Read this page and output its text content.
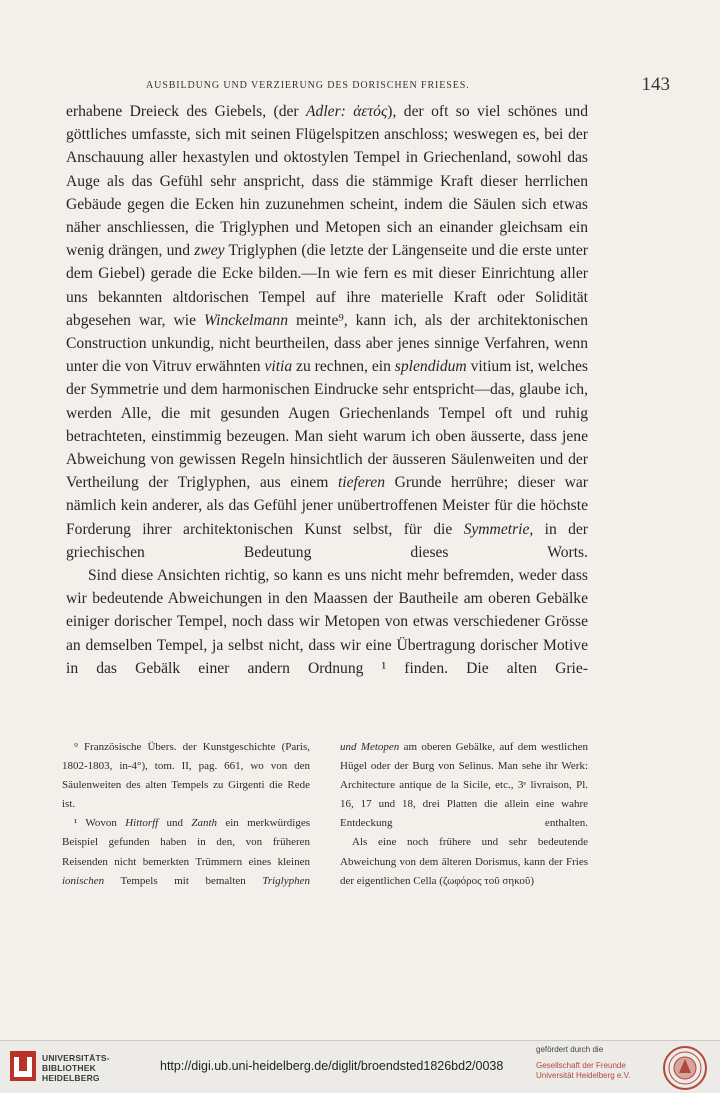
AUSBILDUNG UND VERZIERUNG DES DORISCHEN FRIESES.	143

erhabene Dreieck des Giebels, (der Adler: ἀετός), der oft so viel schönes und göttliches umfasste, sich mit seinen Flügelspitzen anschloss; weswegen es, bei der Anschauung aller hexastylen und oktostylen Tempel in Griechenland, sowohl das Auge als das Gefühl sehr anspricht, dass die stämmige Kraft dieser herrlichen Gebäude gegen die Ecken hin zuzunehmen scheint, indem die Säulen sich etwas näher anschliessen, die Triglyphen und Metopen sich an einander gleichsam ein wenig drängen, und zwey Triglyphen (die letzte der Längenseite und die erste unter dem Giebel) gerade die Ecke bilden.—In wie fern es mit dieser Einrichtung aller uns bekannten altdorischen Tempel auf ihre materielle Kraft oder Solidität abgesehen war, wie Winckelmann meinte⁹, kann ich, als der architektonischen Construction unkundig, nicht beurtheilen, dass aber jenes sinnige Verfahren, wenn unter die von Vitruv erwähnten vitia zu rechnen, ein splendidum vitium ist, welches der Symmetrie und dem harmonischen Eindrucke sehr entspricht—das, glaube ich, werden Alle, die mit gesunden Augen Griechenlands Tempel oft und ruhig betrachteten, einstimmig bezeugen. Man sieht warum ich oben äusserte, dass jene Abweichung von gewissen Regeln hinsichtlich der äusseren Säulenweiten und der Vertheilung der Triglyphen, aus einem tieferen Grunde herrühre; dieser war nämlich kein anderer, als das Gefühl jener unübertroffenen Meister für die höchste Forderung ihrer architektonischen Kunst selbst, für die Symmetrie, in der griechischen Bedeutung dieses Worts.

Sind diese Ansichten richtig, so kann es uns nicht mehr befremden, weder dass wir bedeutende Abweichungen in den Maassen der Bautheile am oberen Gebälke einiger dorischer Tempel, noch dass wir Metopen von etwas verschiedener Grösse an demselben Tempel, ja selbst nicht, dass wir eine Übertragung dorischer Motive in das Gebälk einer andern Ordnung ¹ finden. Die alten Grie-

⁹ Französische Übers. der Kunstgeschichte (Paris, 1802-1803, in-4°), tom. II, pag. 661, wo von den Säulenweiten des alten Tempels zu Girgenti die Rede ist.

¹ Wovon Hittorff und Zanth ein merkwürdiges Beispiel gefunden haben in den, von früheren Reisenden nicht bemerkten Trümmern eines kleinen ionischen Tempels mit bemalten Triglyphen

und Metopen am oberen Gebälke, auf dem westlichen Hügel oder der Burg von Selinus. Man sehe ihr Werk: Architecture antique de la Sicile, etc., 3ᵉ livraison, Pl. 16, 17 und 18, drei Platten die allein eine wahre Entdeckung enthalten.

Als eine noch frühere und sehr bedeutende Abweichung von dem älteren Dorismus, kann der Fries der eigentlichen Cella (ζωφόρος τοῦ σηκοῦ)

UNIVERSITÄTS-
BIBLIOTHEK
HEIDELBERG
http://digi.ub.uni-heidelberg.de/diglit/broendsted1826bd2/0038
gefördert durch die
Gesellschaft der Freunde
Universität Heidelberg e.V.
